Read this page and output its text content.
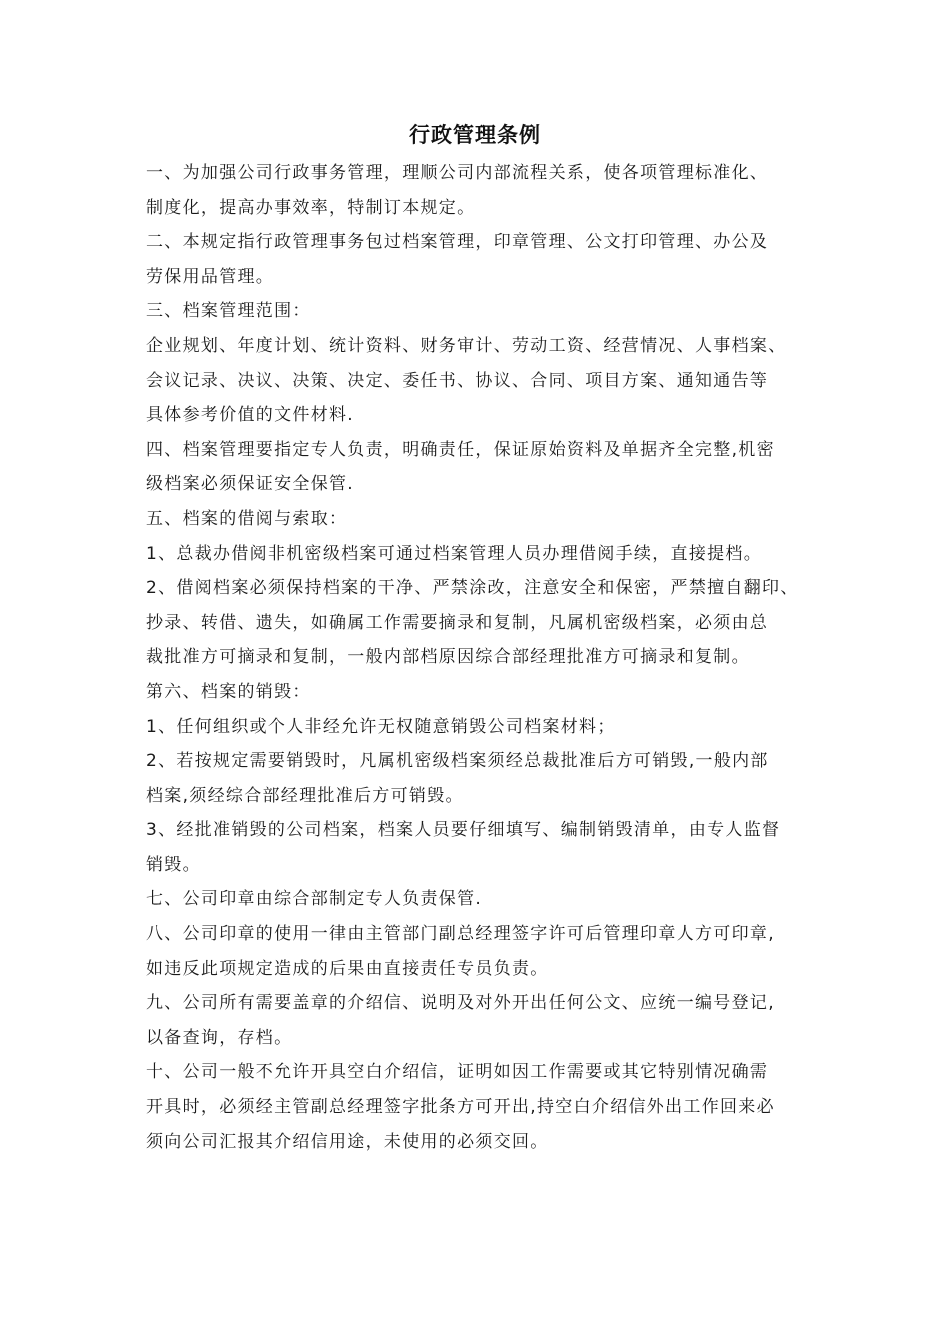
行政管理条例
一、为加强公司行政事务管理，理顺公司内部流程关系，使各项管理标准化、
制度化，提高办事效率，特制订本规定。
二、本规定指行政管理事务包过档案管理，印章管理、公文打印管理、办公及
劳保用品管理。
三、档案管理范围：
企业规划、年度计划、统计资料、财务审计、劳动工资、经营情况、人事档案、
会议记录、决议、决策、决定、委任书、协议、合同、项目方案、通知通告等
具体参考价值的文件材料.
四、档案管理要指定专人负责，明确责任，保证原始资料及单据齐全完整,机密
级档案必须保证安全保管.
五、档案的借阅与索取：
1、总裁办借阅非机密级档案可通过档案管理人员办理借阅手续，直接提档。
2、借阅档案必须保持档案的干净、严禁涂改，注意安全和保密，严禁擅自翻印、
抄录、转借、遗失，如确属工作需要摘录和复制，凡属机密级档案，必须由总
裁批准方可摘录和复制，一般内部档原因综合部经理批准方可摘录和复制。
第六、档案的销毁：
1、任何组织或个人非经允许无权随意销毁公司档案材料；
2、若按规定需要销毁时，凡属机密级档案须经总裁批准后方可销毁,一般内部
档案,须经综合部经理批准后方可销毁。
3、经批准销毁的公司档案，档案人员要仔细填写、编制销毁清单，由专人监督
销毁。
七、公司印章由综合部制定专人负责保管.
八、公司印章的使用一律由主管部门副总经理签字许可后管理印章人方可印章,
如违反此项规定造成的后果由直接责任专员负责。
九、公司所有需要盖章的介绍信、说明及对外开出任何公文、应统一编号登记,
以备查询，存档。
十、公司一般不允许开具空白介绍信，证明如因工作需要或其它特别情况确需
开具时，必须经主管副总经理签字批条方可开出,持空白介绍信外出工作回来必
须向公司汇报其介绍信用途，未使用的必须交回。
